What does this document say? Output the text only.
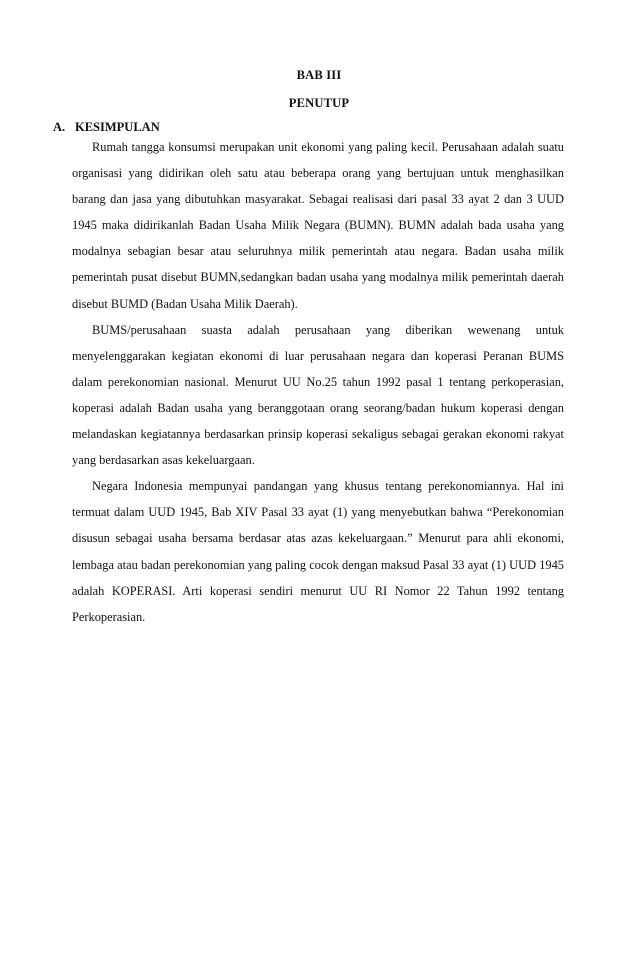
BAB III
PENUTUP
A. KESIMPULAN

Rumah tangga konsumsi merupakan unit ekonomi yang paling kecil. Perusahaan adalah suatu organisasi yang didirikan oleh satu atau beberapa orang yang bertujuan untuk menghasilkan barang dan jasa yang dibutuhkan masyarakat. Sebagai realisasi dari pasal 33 ayat 2 dan 3 UUD 1945 maka didirikanlah Badan Usaha Milik Negara (BUMN). BUMN adalah bada usaha yang modalnya sebagian besar atau seluruhnya milik pemerintah atau negara. Badan usaha milik pemerintah pusat disebut BUMN,sedangkan badan usaha yang modalnya milik pemerintah daerah disebut BUMD (Badan Usaha Milik Daerah).

BUMS/perusahaan suasta adalah perusahaan yang diberikan wewenang untuk menyelenggarakan kegiatan ekonomi di luar perusahaan negara dan koperasi Peranan BUMS dalam perekonomian nasional. Menurut UU No.25 tahun 1992 pasal 1 tentang perkoperasian, koperasi adalah Badan usaha yang beranggotaan orang seorang/badan hukum koperasi dengan melandaskan kegiatannya berdasarkan prinsip koperasi sekaligus sebagai gerakan ekonomi rakyat yang berdasarkan asas kekeluargaan.

Negara Indonesia mempunyai pandangan yang khusus tentang perekonomiannya. Hal ini termuat dalam UUD 1945, Bab XIV Pasal 33 ayat (1) yang menyebutkan bahwa “Perekonomian disusun sebagai usaha bersama berdasar atas azas kekeluargaan.” Menurut para ahli ekonomi, lembaga atau badan perekonomian yang paling cocok dengan maksud Pasal 33 ayat (1) UUD 1945 adalah KOPERASI. Arti koperasi sendiri menurut UU RI Nomor 22 Tahun 1992 tentang Perkoperasian.
